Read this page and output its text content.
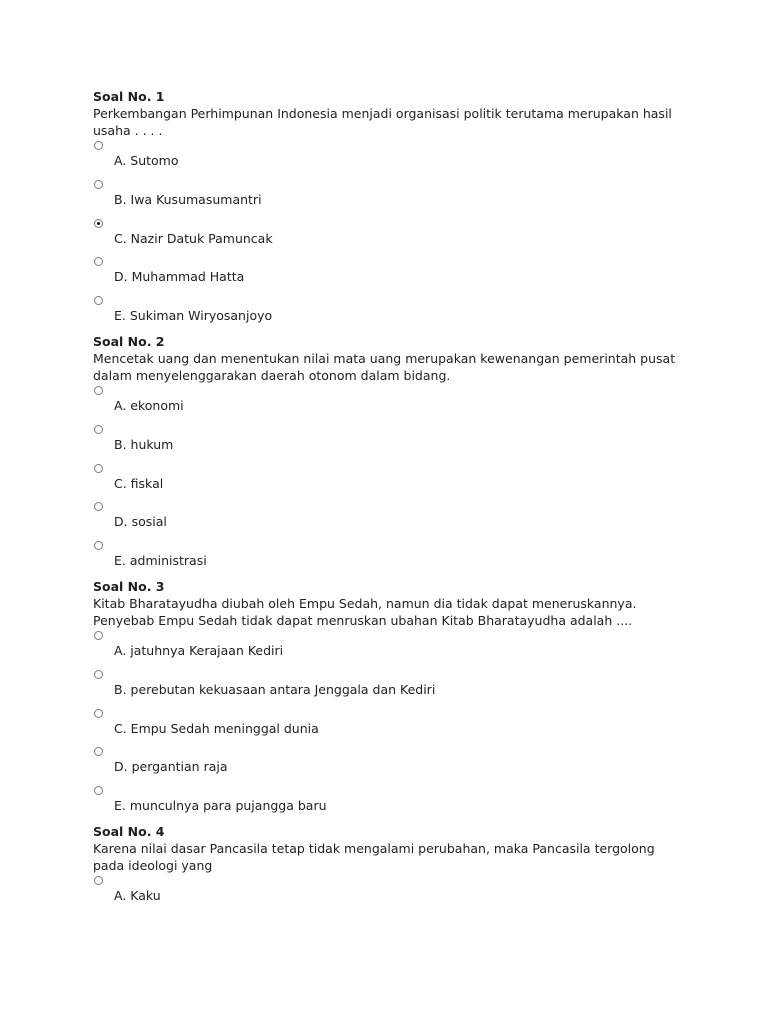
Soal No. 1

Perkembangan Perhimpunan Indonesia menjadi organisasi politik terutama merupakan hasil usaha . . . .

A. Sutomo
B. Iwa Kusumasumantri
C. Nazir Datuk Pamuncak
D. Muhammad Hatta
E. Sukiman Wiryosanjoyo

Soal No. 2

Mencetak uang dan menentukan nilai mata uang merupakan kewenangan pemerintah pusat dalam menyelenggarakan daerah otonom dalam bidang.

A. ekonomi
B. hukum
C. fiskal
D. sosial
E. administrasi

Soal No. 3

Kitab Bharatayudha diubah oleh Empu Sedah, namun dia tidak dapat meneruskannya. Penyebab Empu Sedah tidak dapat menruskan ubahan Kitab Bharatayudha adalah ....

A. jatuhnya Kerajaan Kediri
B. perebutan kekuasaan antara Jenggala dan Kediri
C. Empu Sedah meninggal dunia
D. pergantian raja
E. munculnya para pujangga baru

Soal No. 4

Karena nilai dasar Pancasila tetap tidak mengalami perubahan, maka Pancasila tergolong pada ideologi yang

A. Kaku
